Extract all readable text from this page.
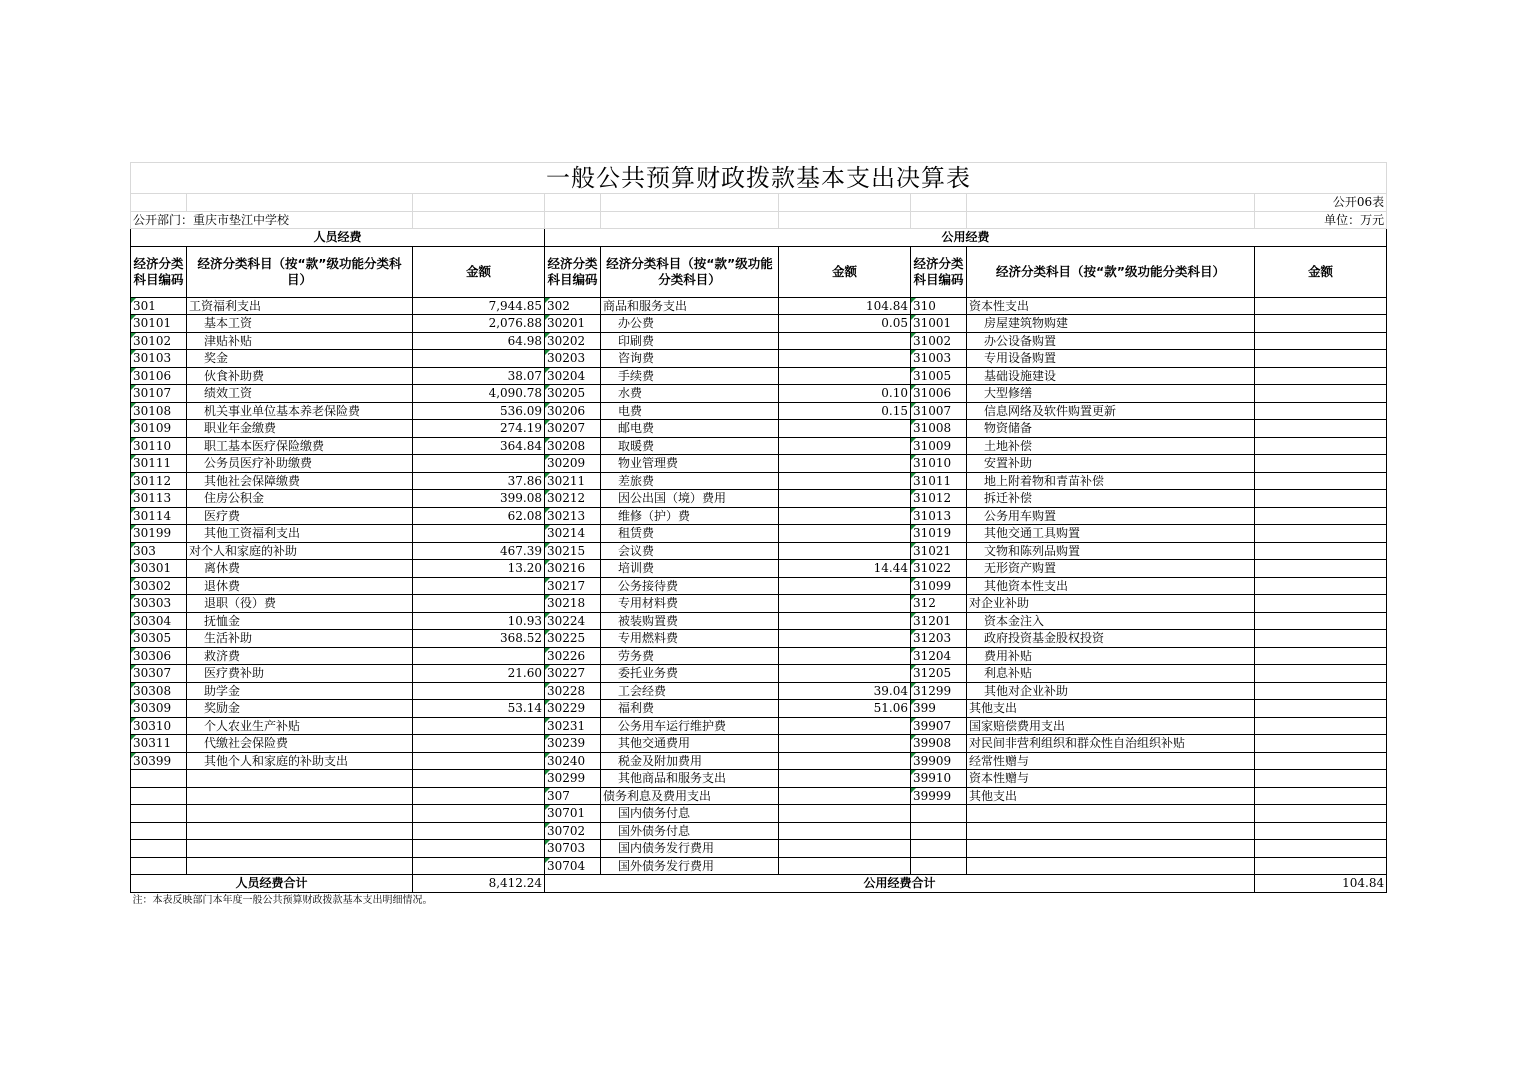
一般公共预算财政拨款基本支出决算表								
								公开06表
公开部门：重庆市垫江中学校								单位：万元
人员经费			公用经费					
经济分类科目编码	经济分类科目（按“款”级功能分类科目）	金额	经济分类科目编码	经济分类科目（按“款”级功能分类科目）	金额	经济分类科目编码	经济分类科目（按“款”级功能分类科目）	金额
301	工资福利支出	7,944.85	302	商品和服务支出	104.84	310	资本性支出	
30101	基本工资	2,076.88	30201	办公费	0.05	31001	房屋建筑物购建	
30102	津贴补贴	64.98	30202	印刷费		31002	办公设备购置	
30103	奖金		30203	咨询费		31003	专用设备购置	
30106	伙食补助费	38.07	30204	手续费		31005	基础设施建设	
30107	绩效工资	4,090.78	30205	水费	0.10	31006	大型修缮	
30108	机关事业单位基本养老保险费	536.09	30206	电费	0.15	31007	信息网络及软件购置更新	
30109	职业年金缴费	274.19	30207	邮电费		31008	物资储备	
30110	职工基本医疗保险缴费	364.84	30208	取暖费		31009	土地补偿	
30111	公务员医疗补助缴费		30209	物业管理费		31010	安置补助	
30112	其他社会保障缴费	37.86	30211	差旅费		31011	地上附着物和青苗补偿	
30113	住房公积金	399.08	30212	因公出国（境）费用		31012	拆迁补偿	
30114	医疗费	62.08	30213	维修（护）费		31013	公务用车购置	
30199	其他工资福利支出		30214	租赁费		31019	其他交通工具购置	
303	对个人和家庭的补助	467.39	30215	会议费		31021	文物和陈列品购置	
30301	离休费	13.20	30216	培训费	14.44	31022	无形资产购置	
30302	退休费		30217	公务接待费		31099	其他资本性支出	
30303	退职（役）费		30218	专用材料费		312	对企业补助	
30304	抚恤金	10.93	30224	被装购置费		31201	资本金注入	
30305	生活补助	368.52	30225	专用燃料费		31203	政府投资基金股权投资	
30306	救济费		30226	劳务费		31204	费用补贴	
30307	医疗费补助	21.60	30227	委托业务费		31205	利息补贴	
30308	助学金		30228	工会经费	39.04	31299	其他对企业补助	
30309	奖励金	53.14	30229	福利费	51.06	399	其他支出	
30310	个人农业生产补贴		30231	公务用车运行维护费		39907	国家赔偿费用支出	
30311	代缴社会保险费		30239	其他交通费用		39908	对民间非营利组织和群众性自治组织补贴	
30399	其他个人和家庭的补助支出		30240	税金及附加费用		39909	经常性赠与	
			30299	其他商品和服务支出		39910	资本性赠与	
			307	债务利息及费用支出		39999	其他支出	
			30701	国内债务付息				
			30702	国外债务付息				
			30703	国内债务发行费用				
			30704	国外债务发行费用				
人员经费合计		8,412.24	公用经费合计					104.84
注：本表反映部门本年度一般公共预算财政拨款基本支出明细情况。								
